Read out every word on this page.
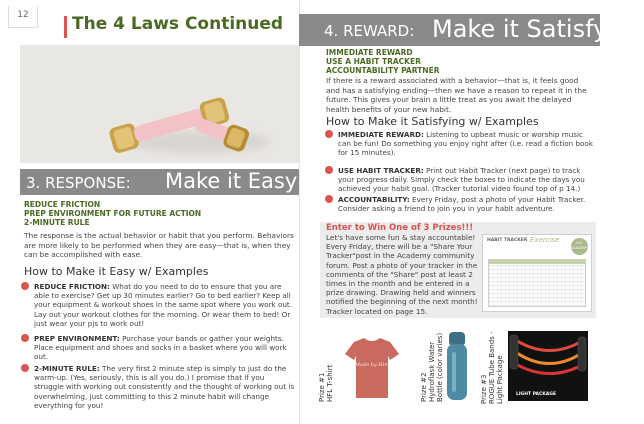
12	The 4 Laws Continued
3. RESPONSE: Make it Easy
REDUCE FRICTION
PREP ENVIRONMENT FOR FUTURE ACTION
2-MINUTE RULE
The response is the actual behavior or habit that you perform. Behaviors are more likely to be performed when they are easy—that is, when they can be accomplished with ease.
How to Make it Easy w/ Examples
REDUCE FRICTION: What do you need to do to ensure that you are able to exercise? Get up 30 minutes earlier? Go to bed earlier? Keep all your equipment & workout shoes in the same spot where you work out. Lay out your workout clothes for the morning. Or wear them to bed! Or just wear your pjs to work out!
PREP ENVIRONMENT: Purchase your bands or gather your weights. Place equipment and shoes and socks in a basket where you will work out.
2-MINUTE RULE: The very first 2 minute step is simply to just do the warm-up. (Yes, seriously, this is all you do.) I promise that if you struggle with working out consistently and the thought of working out is overwhelming, just committing to this 2 minute habit will change everything for you!
4. REWARD: Make it Satisfying
IMMEDIATE REWARD
USE A HABIT TRACKER
ACCOUNTABILITY PARTNER
If there is a reward associated with a behavior—that is, it feels good and has a satisfying ending—then we have a reason to repeat it in the future. This gives your brain a little treat as you await the delayed health benefits of your new habit.
How to Make it Satisfying w/ Examples
IMMEDIATE REWARD: Listening to upbeat music or worship music can be fun! Do something you enjoy right after (i.e. read a fiction book for 15 minutes).
USE HABIT TRACKER: Print out Habit Tracker (next page) to track your progress daily. Simply check the boxes to indicate the days you achieved your habit goal. (Tracker tutorial video found top of p 14.)
ACCOUNTABILITY: Every Friday, post a photo of your Habit Tracker. Consider asking a friend to join you in your habit adventure.
Enter to Win One of 3 Prizes!!!
Let's have some fun & stay accountable! Every Friday, there will be a "Share Your Tracker"post in the Academy community forum. Post a photo of your tracker in the comments of the "Share" post at least 2 times in the month and be entered in a prize drawing. Drawing held and winners notified the beginning of the next month! Tracker located on page 15.
HABIT TRACKER Exercise	HFL ACADEMY
Prize #1 HFL T-shirt	Made by Him
Prize #2 Hydroflask Water Bottle (color varies)	Prize #3 ROGUE Tube Bands - Light Package	LIGHT PACKAGE
